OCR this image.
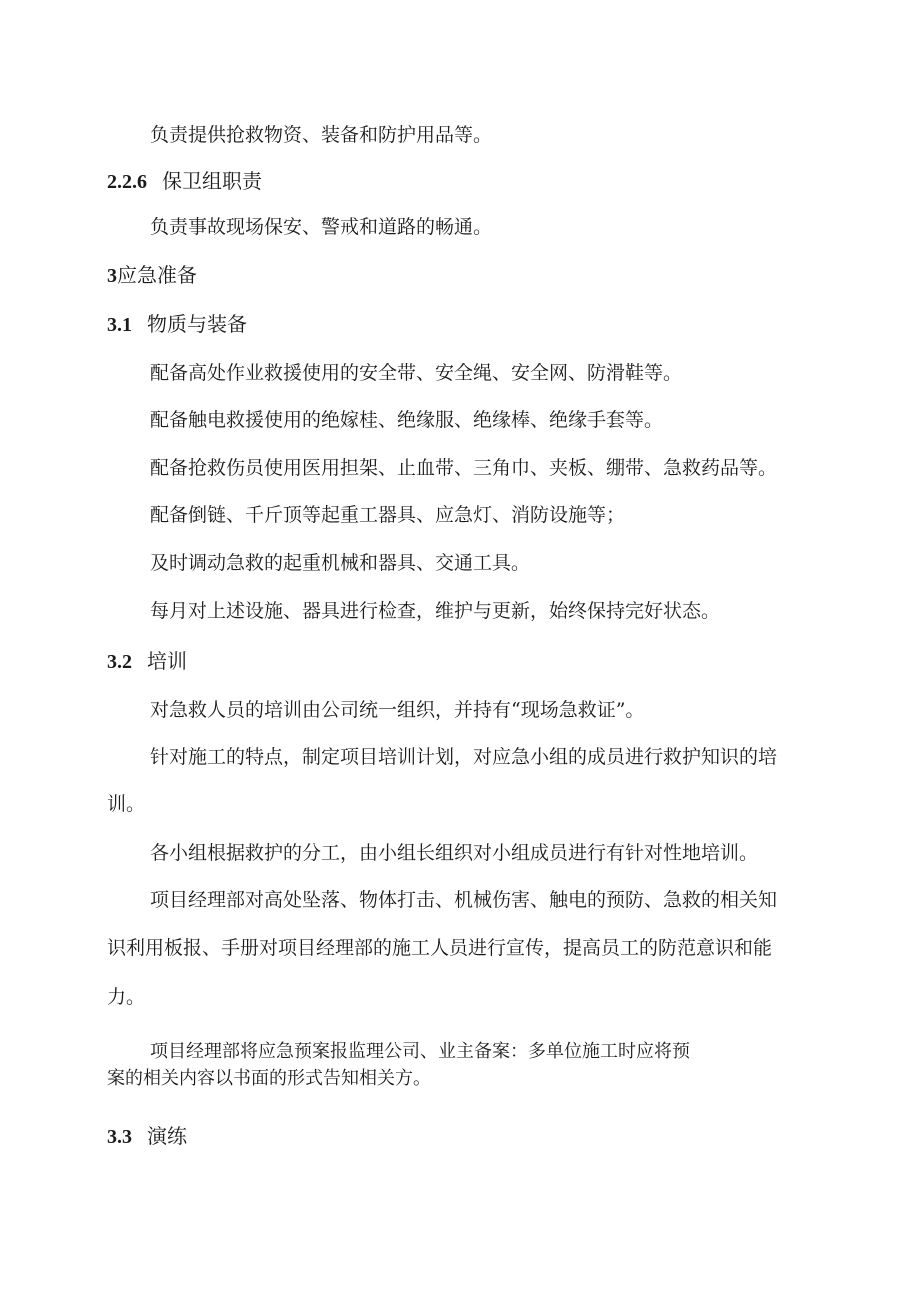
负责提供抢救物资、装备和防护用品等。

2.2.6 保卫组职责

负责事故现场保安、警戒和道路的畅通。

3应急准备
3.1 物质与装备

配备高处作业救援使用的安全带、安全绳、安全网、防滑鞋等。

配备触电救援使用的绝嫁桂、绝缘服、绝缘棒、绝缘手套等。

配备抢救伤员使用医用担架、止血带、三角巾、夹板、绷带、急救药品等。

配备倒链、千斤顶等起重工器具、应急灯、消防设施等；

及时调动急救的起重机械和器具、交通工具。

每月对上述设施、器具进行检查，维护与更新，始终保持完好状态。

3.2 培训

对急救人员的培训由公司统一组织，并持有“现场急救证”。

针对施工的特点，制定项目培训计划，对应急小组的成员进行救护知识的培

训。

各小组根据救护的分工，由小组长组织对小组成员进行有针对性地培训。

项目经理部对高处坠落、物体打击、机械伤害、触电的预防、急救的相关知

识利用板报、手册对项目经理部的施工人员进行宣传，提高员工的防范意识和能

力。

项目经理部将应急预案报监理公司、业主备案：多单位施工时应将预

案的相关内容以书面的形式告知相关方。

3.3 演练
